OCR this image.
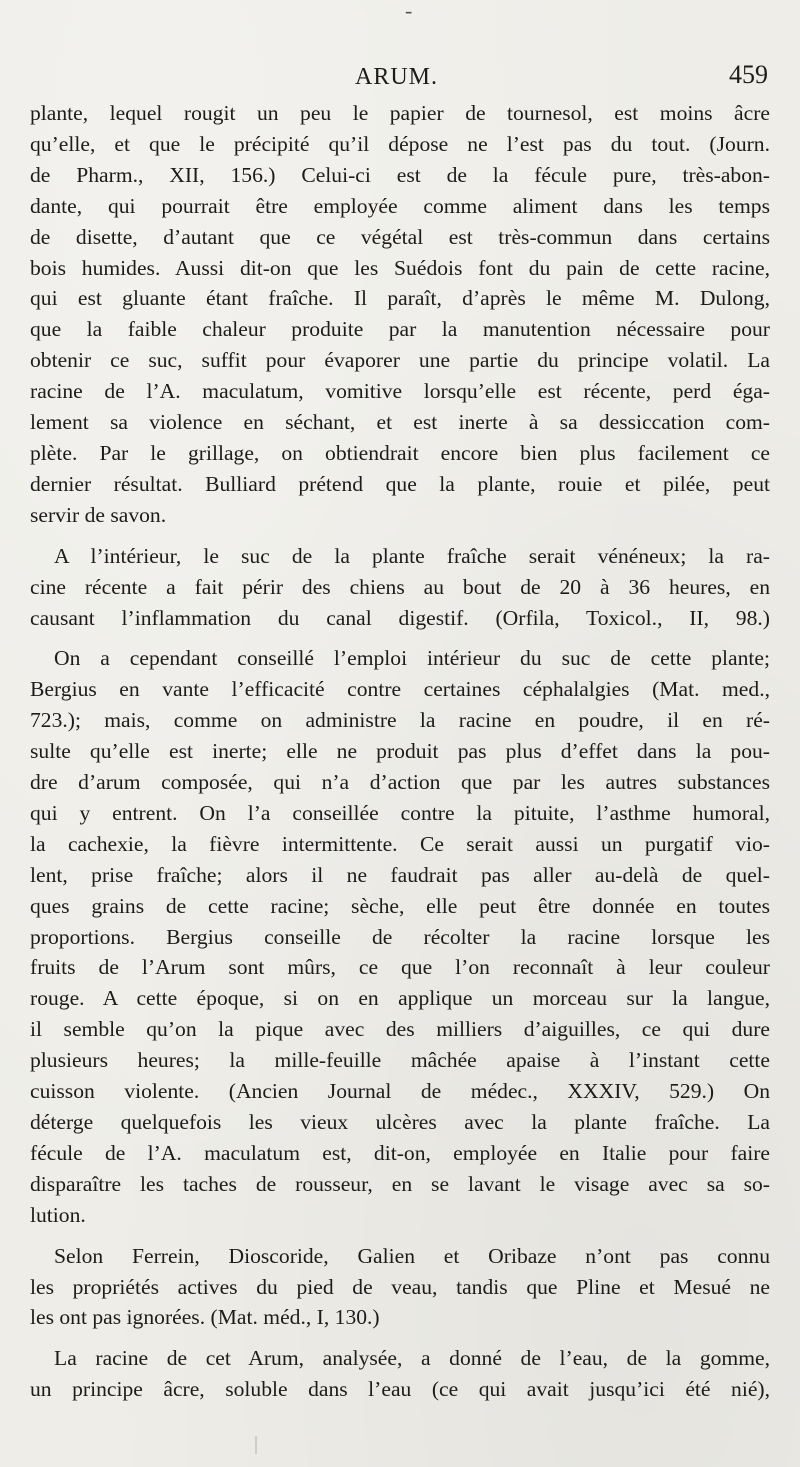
-
ARUM.	459

plante, lequel rougit un peu le papier de tournesol, est moins âcre
qu’elle, et que le précipité qu’il dépose ne l’est pas du tout. (Journ.
de Pharm., XII, 156.) Celui-ci est de la fécule pure, très-abon-
dante, qui pourrait être employée comme aliment dans les temps
de disette, d’autant que ce végétal est très-commun dans certains
bois humides. Aussi dit-on que les Suédois font du pain de cette racine,
qui est gluante étant fraîche. Il paraît, d’après le même M. Dulong,
que la faible chaleur produite par la manutention nécessaire pour
obtenir ce suc, suffit pour évaporer une partie du principe volatil. La
racine de l’A. maculatum, vomitive lorsqu’elle est récente, perd éga-
lement sa violence en séchant, et est inerte à sa dessiccation com-
plète. Par le grillage, on obtiendrait encore bien plus facilement ce
dernier résultat. Bulliard prétend que la plante, rouie et pilée, peut
servir de savon.

A l’intérieur, le suc de la plante fraîche serait vénéneux; la ra-
cine récente a fait périr des chiens au bout de 20 à 36 heures, en
causant l’inflammation du canal digestif. (Orfila, Toxicol., II, 98.)

On a cependant conseillé l’emploi intérieur du suc de cette plante;
Bergius en vante l’efficacité contre certaines céphalalgies (Mat. med.,
723.); mais, comme on administre la racine en poudre, il en ré-
sulte qu’elle est inerte; elle ne produit pas plus d’effet dans la pou-
dre d’arum composée, qui n’a d’action que par les autres substances
qui y entrent. On l’a conseillée contre la pituite, l’asthme humoral,
la cachexie, la fièvre intermittente. Ce serait aussi un purgatif vio-
lent, prise fraîche; alors il ne faudrait pas aller au-delà de quel-
ques grains de cette racine; sèche, elle peut être donnée en toutes
proportions. Bergius conseille de récolter la racine lorsque les
fruits de l’Arum sont mûrs, ce que l’on reconnaît à leur couleur
rouge. A cette époque, si on en applique un morceau sur la langue,
il semble qu’on la pique avec des milliers d’aiguilles, ce qui dure
plusieurs heures; la mille-feuille mâchée apaise à l’instant cette
cuisson violente. (Ancien Journal de médec., XXXIV, 529.) On
déterge quelquefois les vieux ulcères avec la plante fraîche. La
fécule de l’A. maculatum est, dit-on, employée en Italie pour faire
disparaître les taches de rousseur, en se lavant le visage avec sa so-
lution.

Selon Ferrein, Dioscoride, Galien et Oribaze n’ont pas connu
les propriétés actives du pied de veau, tandis que Pline et Mesué ne
les ont pas ignorées. (Mat. méd., I, 130.)

La racine de cet Arum, analysée, a donné de l’eau, de la gomme,
un principe âcre, soluble dans l’eau (ce qui avait jusqu’ici été nié),
